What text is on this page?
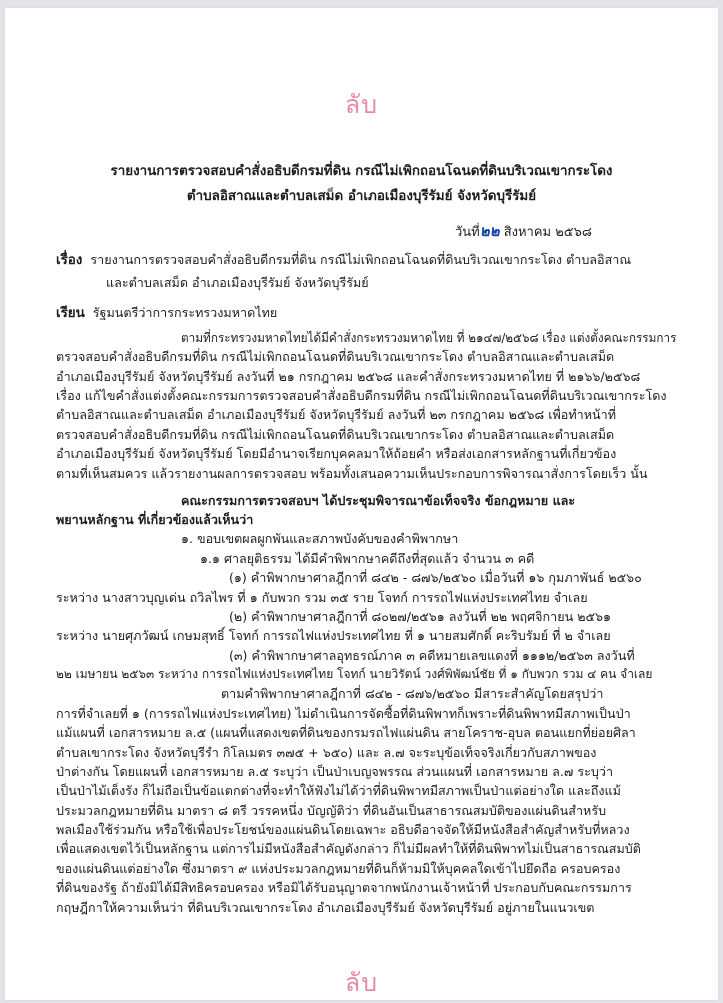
ลับ
รายงานการตรวจสอบคำสั่งอธิบดีกรมที่ดิน กรณีไม่เพิกถอนโฉนดที่ดินบริเวณเขากระโดง
ตำบลอิสาณและตำบลเสม็ด อำเภอเมืองบุรีรัมย์ จังหวัดบุรีรัมย์
วันที่๒๒ สิงหาคม ๒๕๖๘
เรื่อง รายงานการตรวจสอบคำสั่งอธิบดีกรมที่ดิน กรณีไม่เพิกถอนโฉนดที่ดินบริเวณเขากระโดง ตำบลอิสาณ
และตำบลเสม็ด อำเภอเมืองบุรีรัมย์ จังหวัดบุรีรัมย์
เรียน รัฐมนตรีว่าการกระทรวงมหาดไทย
ตามที่กระทรวงมหาดไทยได้มีคำสั่งกระทรวงมหาดไทย ที่ ๒๑๔๗/๒๕๖๘ เรื่อง แต่งตั้งคณะกรรมการ
ตรวจสอบคำสั่งอธิบดีกรมที่ดิน กรณีไม่เพิกถอนโฉนดที่ดินบริเวณเขากระโดง ตำบลอิสาณและตำบลเสม็ด
อำเภอเมืองบุรีรัมย์ จังหวัดบุรีรัมย์ ลงวันที่ ๒๑ กรกฎาคม ๒๕๖๘ และคำสั่งกระทรวงมหาดไทย ที่ ๒๑๖๖/๒๕๖๘
เรื่อง แก้ไขคำสั่งแต่งตั้งคณะกรรมการตรวจสอบคำสั่งอธิบดีกรมที่ดิน กรณีไม่เพิกถอนโฉนดที่ดินบริเวณเขากระโดง
ตำบลอิสาณและตำบลเสม็ด อำเภอเมืองบุรีรัมย์ จังหวัดบุรีรัมย์ ลงวันที่ ๒๓ กรกฎาคม ๒๕๖๘ เพื่อทำหน้าที่
ตรวจสอบคำสั่งอธิบดีกรมที่ดิน กรณีไม่เพิกถอนโฉนดที่ดินบริเวณเขากระโดง ตำบลอิสาณและตำบลเสม็ด
อำเภอเมืองบุรีรัมย์ จังหวัดบุรีรัมย์ โดยมีอำนาจเรียกบุคคลมาให้ถ้อยคำ หรือส่งเอกสารหลักฐานที่เกี่ยวข้อง
ตามที่เห็นสมควร แล้วรายงานผลการตรวจสอบ พร้อมทั้งเสนอความเห็นประกอบการพิจารณาสั่งการโดยเร็ว นั้น
คณะกรรมการตรวจสอบฯ ได้ประชุมพิจารณาข้อเท็จจริง ข้อกฎหมาย และ
พยานหลักฐาน ที่เกี่ยวข้องแล้วเห็นว่า
๑. ขอบเขตผลผูกพันและสภาพบังคับของคำพิพากษา
๑.๑ ศาลยุติธรรม ได้มีคำพิพากษาคดีถึงที่สุดแล้ว จำนวน ๓ คดี
(๑) คำพิพากษาศาลฎีกาที่ ๘๔๒ - ๘๗๖/๒๕๖๐ เมื่อวันที่ ๑๖ กุมภาพันธ์ ๒๕๖๐
ระหว่าง นางสาวบุญเด่น ถวิลไพร ที่ ๑ กับพวก รวม ๓๕ ราย โจทก์ การรถไฟแห่งประเทศไทย จำเลย
(๒) คำพิพากษาศาลฎีกาที่ ๘๐๒๗/๒๕๖๑ ลงวันที่ ๒๒ พฤศจิกายน ๒๕๖๑
ระหว่าง นายศุภวัฒน์ เกษมสุทธิ์ โจทก์ การรถไฟแห่งประเทศไทย ที่ ๑ นายสมศักดิ์ คะริบรัมย์ ที่ ๒ จำเลย
(๓) คำพิพากษาศาลอุทธรณ์ภาค ๓ คดีหมายเลขแดงที่ ๑๑๑๒/๒๕๖๓ ลงวันที่
๒๒ เมษายน ๒๕๖๓ ระหว่าง การรถไฟแห่งประเทศไทย โจทก์ นายวิรัตน์ วงศ์พิพัฒน์ชัย ที่ ๑ กับพวก รวม ๔ คน จำเลย
ตามคำพิพากษาศาลฎีกาที่ ๘๔๒ - ๘๗๖/๒๕๖๐ มีสาระสำคัญโดยสรุปว่า
การที่จำเลยที่ ๑ (การรถไฟแห่งประเทศไทย) ไม่ดำเนินการจัดซื้อที่ดินพิพาทก็เพราะที่ดินพิพาทมีสภาพเป็นป่า
แม้แผนที่ เอกสารหมาย ล.๕ (แผนที่แสดงเขตที่ดินของกรมรถไฟแผ่นดิน สายโคราช-อุบล ตอนแยกที่ย่อยศิลา
ตำบลเขากระโดง จังหวัดบุรีรำ กิโลเมตร ๓๗๕ + ๖๕๐) และ ล.๗ จะระบุข้อเท็จจริงเกี่ยวกับสภาพของ
ป่าต่างกัน โดยแผนที่ เอกสารหมาย ล.๕ ระบุว่า เป็นป่าเบญจพรรณ ส่วนแผนที่ เอกสารหมาย ล.๗ ระบุว่า
เป็นป่าไม้เต็งรัง ก็ไม่ถือเป็นข้อแตกต่างที่จะทำให้ฟังไม่ได้ว่าที่ดินพิพาทมีสภาพเป็นป่าแต่อย่างใด และถึงแม้
ประมวลกฎหมายที่ดิน มาตรา ๘ ตรี วรรคหนึ่ง บัญญัติว่า ที่ดินอันเป็นสาธารณสมบัติของแผ่นดินสำหรับ
พลเมืองใช้ร่วมกัน หรือใช้เพื่อประโยชน์ของแผ่นดินโดยเฉพาะ อธิบดีอาจจัดให้มีหนังสือสำคัญสำหรับที่หลวง
เพื่อแสดงเขตไว้เป็นหลักฐาน แต่การไม่มีหนังสือสำคัญดังกล่าว ก็ไม่มีผลทำให้ที่ดินพิพาทไม่เป็นสาธารณสมบัติ
ของแผ่นดินแต่อย่างใด ซึ่งมาตรา ๙ แห่งประมวลกฎหมายที่ดินก็ห้ามมิให้บุคคลใดเข้าไปยึดถือ ครอบครอง
ที่ดินของรัฐ ถ้ายังมิได้มีสิทธิครอบครอง หรือมิได้รับอนุญาตจากพนักงานเจ้าหน้าที่ ประกอบกับคณะกรรมการ
กฤษฎีกาให้ความเห็นว่า ที่ดินบริเวณเขากระโดง อำเภอเมืองบุรีรัมย์ จังหวัดบุรีรัมย์ อยู่ภายในแนวเขต
ลับ
